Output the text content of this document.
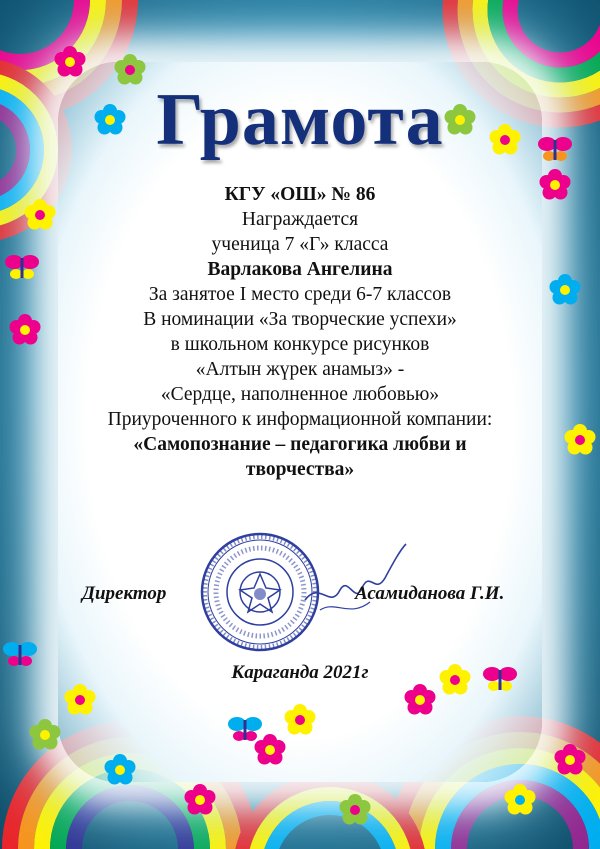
Грамота
КГУ «ОШ» № 86
Награждается
ученица 7 «Г» класса
Варлакова Ангелина
За занятое I место среди 6-7 классов
В номинации «За творческие успехи»
в школьном конкурсе рисунков
«Алтын жүрек анамыз» -
«Сердце, наполненное любовью»
Приуроченного к информационной компании:
«Самопознание – педагогика любви и
творчества»
Директор	Асамиданова Г.И.
Караганда 2021г
